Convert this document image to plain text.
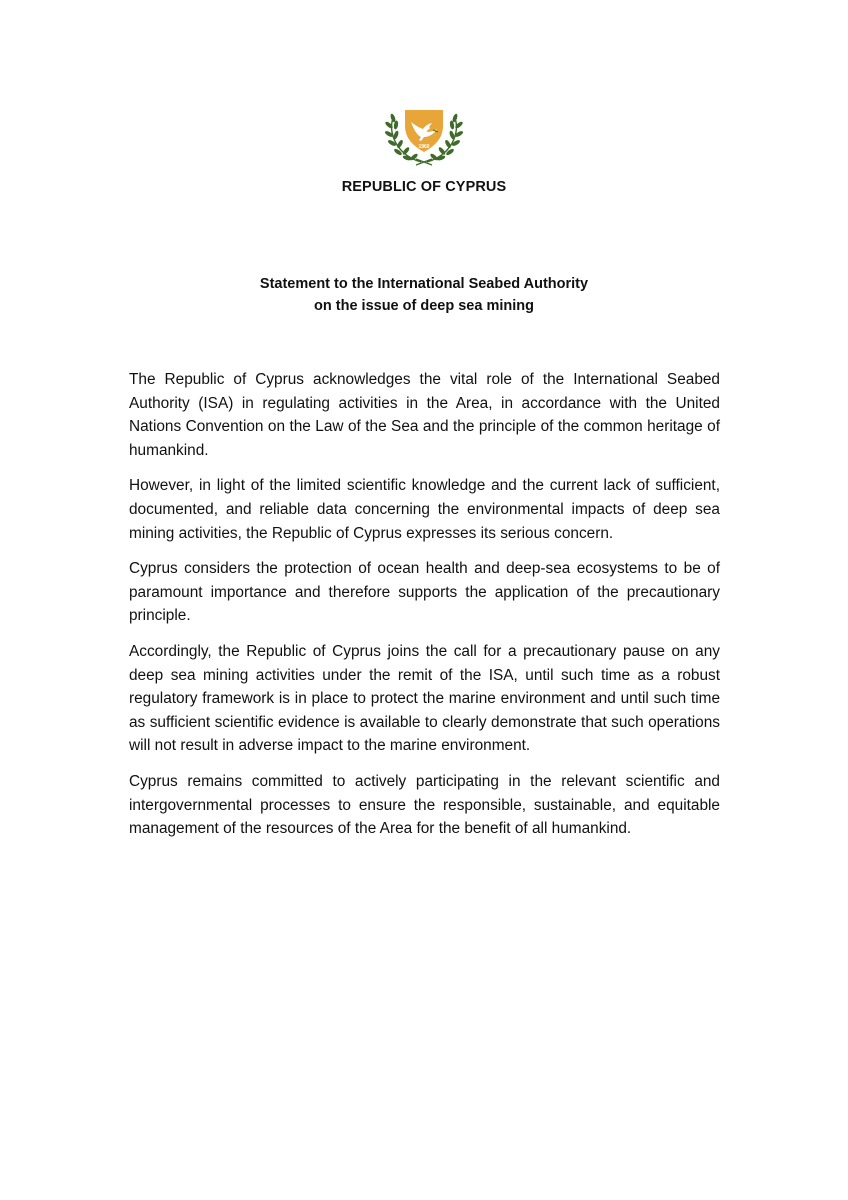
1960
REPUBLIC OF CYPRUS
Statement to the International Seabed Authority
on the issue of deep sea mining

The Republic of Cyprus acknowledges the vital role of the International Seabed Authority (ISA) in regulating activities in the Area, in accordance with the United Nations Convention on the Law of the Sea and the principle of the common heritage of humankind.

However, in light of the limited scientific knowledge and the current lack of sufficient, documented, and reliable data concerning the environmental impacts of deep sea mining activities, the Republic of Cyprus expresses its serious concern.

Cyprus considers the protection of ocean health and deep-sea ecosystems to be of paramount importance and therefore supports the application of the precautionary principle.

Accordingly, the Republic of Cyprus joins the call for a precautionary pause on any deep sea mining activities under the remit of the ISA, until such time as a robust regulatory framework is in place to protect the marine environment and until such time as sufficient scientific evidence is available to clearly demonstrate that such operations will not result in adverse impact to the marine environment.

Cyprus remains committed to actively participating in the relevant scientific and intergovernmental processes to ensure the responsible, sustainable, and equitable management of the resources of the Area for the benefit of all humankind.
